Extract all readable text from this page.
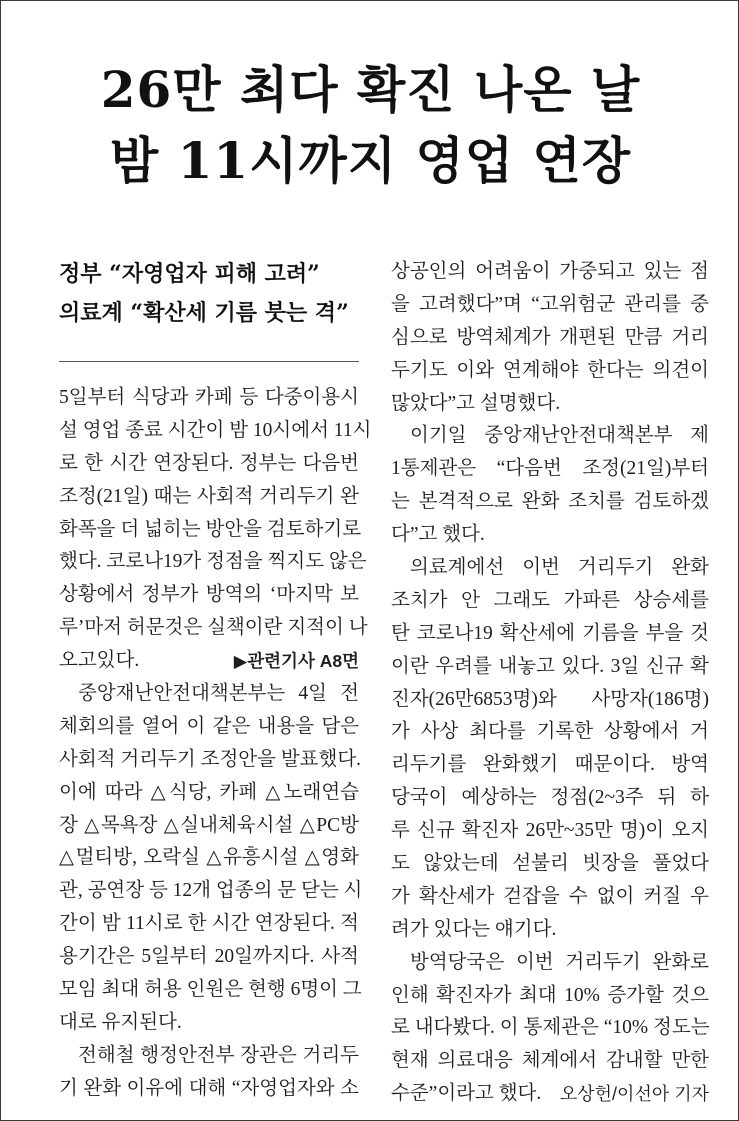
26만 최다 확진 나온 날
밤 11시까지 영업 연장
정부 “자영업자 피해 고려”
의료계 “확산세 기름 붓는 격”
5일부터 식당과 카페 등 다중이용시
설 영업 종료 시간이 밤 10시에서 11시
로 한 시간 연장된다. 정부는 다음번
조정(21일) 때는 사회적 거리두기 완
화폭을 더 넓히는 방안을 검토하기로
했다. 코로나19가 정점을 찍지도 않은
상황에서 정부가 방역의 ‘마지막 보
루’마저 허문것은 실책이란 지적이 나
오고있다.	▶관련기사 A8면
중앙재난안전대책본부는 4일 전
체회의를 열어 이 같은 내용을 담은
사회적 거리두기 조정안을 발표했다.
이에 따라 △식당, 카페 △노래연습
장 △목욕장 △실내체육시설 △PC방
△멀티방, 오락실 △유흥시설 △영화
관, 공연장 등 12개 업종의 문 닫는 시
간이 밤 11시로 한 시간 연장된다. 적
용기간은 5일부터 20일까지다. 사적
모임 최대 허용 인원은 현행 6명이 그
대로 유지된다.
전해철 행정안전부 장관은 거리두
기 완화 이유에 대해 “자영업자와 소
상공인의 어려움이 가중되고 있는 점
을 고려했다”며 “고위험군 관리를 중
심으로 방역체계가 개편된 만큼 거리
두기도 이와 연계해야 한다는 의견이
많았다”고 설명했다.
이기일 중앙재난안전대책본부 제
1통제관은 “다음번 조정(21일)부터
는 본격적으로 완화 조치를 검토하겠
다”고 했다.
의료계에선 이번 거리두기 완화
조치가 안 그래도 가파른 상승세를
탄 코로나19 확산세에 기름을 부을 것
이란 우려를 내놓고 있다. 3일 신규 확
진자(26만6853명)와 사망자(186명)
가 사상 최다를 기록한 상황에서 거
리두기를 완화했기 때문이다. 방역
당국이 예상하는 정점(2~3주 뒤 하
루 신규 확진자 26만~35만 명)이 오지
도 않았는데 섣불리 빗장을 풀었다
가 확산세가 걷잡을 수 없이 커질 우
려가 있다는 얘기다.
방역당국은 이번 거리두기 완화로
인해 확진자가 최대 10% 증가할 것으
로 내다봤다. 이 통제관은 “10% 정도는
현재 의료대응 체계에서 감내할 만한
수준”이라고 했다. 오상헌/이선아 기자
